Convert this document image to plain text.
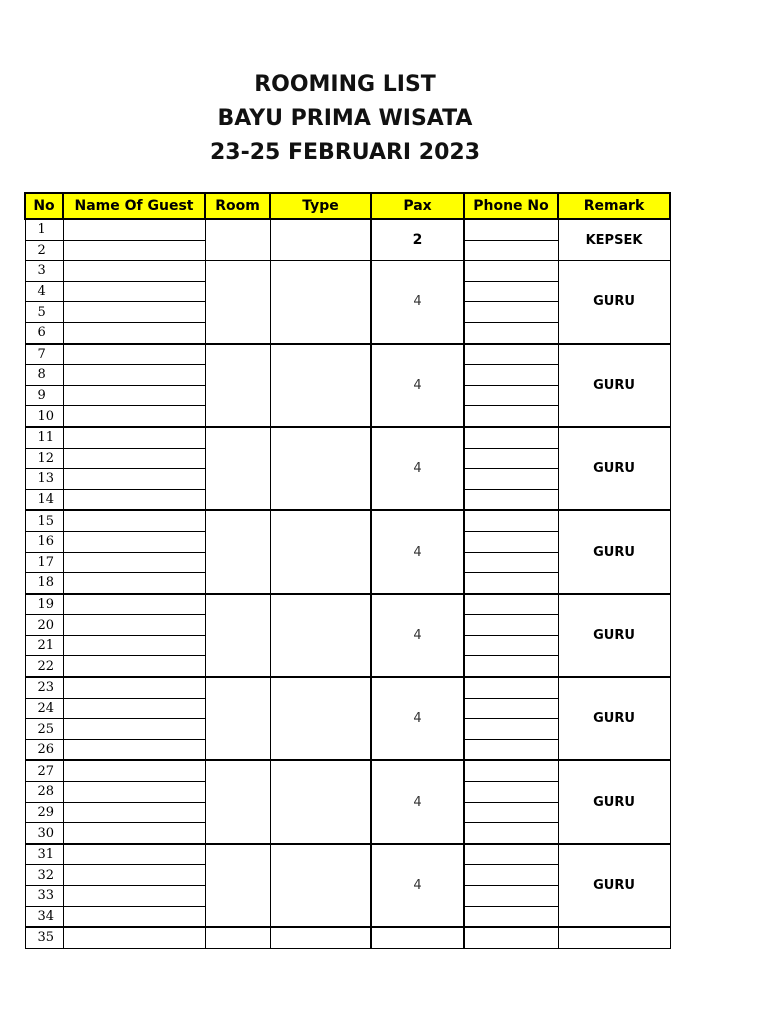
ROOMING LIST
BAYU PRIMA WISATA
23-25 FEBRUARI 2023
No	Name Of Guest	Room	Type	Pax	Phone No	Remark
1				2		KEPSEK
2						
3				4		GURU
4						
5						
6						
7				4		GURU
8						
9						
10						
11				4		GURU
12						
13						
14						
15				4		GURU
16						
17						
18						
19				4		GURU
20						
21						
22						
23				4		GURU
24						
25						
26						
27				4		GURU
28						
29						
30						
31				4		GURU
32						
33						
34						
35						
